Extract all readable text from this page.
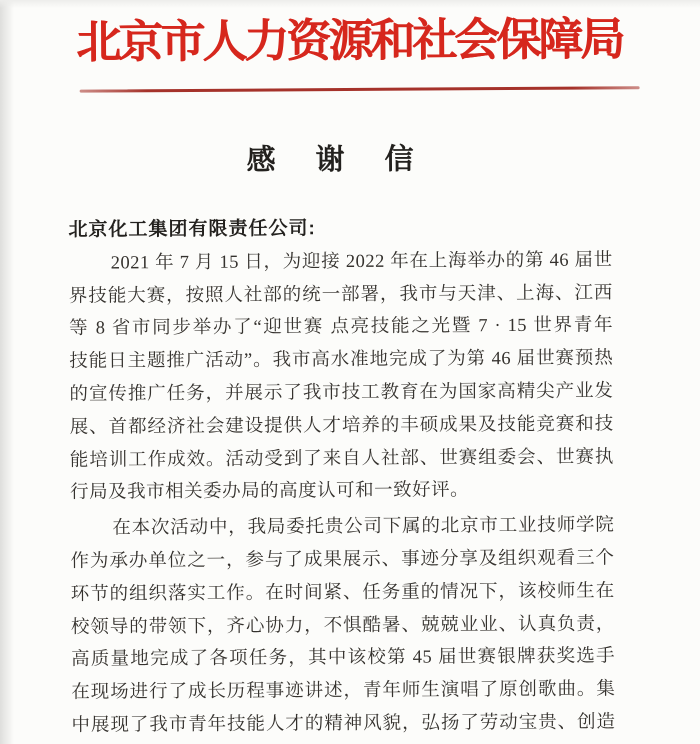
北京市人力资源和社会保障局
感谢信
北京化工集团有限责任公司:
2021 年 7 月 15 日，为迎接 2022 年在上海举办的第 46 届世
界技能大赛，按照人社部的统一部署，我市与天津、上海、江西
等 8 省市同步举办了“迎世赛 点亮技能之光暨 7 · 15 世界青年
技能日主题推广活动”。我市高水准地完成了为第 46 届世赛预热
的宣传推广任务，并展示了我市技工教育在为国家高精尖产业发
展、首都经济社会建设提供人才培养的丰硕成果及技能竞赛和技
能培训工作成效。活动受到了来自人社部、世赛组委会、世赛执
行局及我市相关委办局的高度认可和一致好评。
在本次活动中，我局委托贵公司下属的北京市工业技师学院
作为承办单位之一，参与了成果展示、事迹分享及组织观看三个
环节的组织落实工作。在时间紧、任务重的情况下，该校师生在
校领导的带领下，齐心协力，不惧酷暑、兢兢业业、认真负责，
高质量地完成了各项任务，其中该校第 45 届世赛银牌获奖选手
在现场进行了成长历程事迹讲述，青年师生演唱了原创歌曲。集
中展现了我市青年技能人才的精神风貌，弘扬了劳动宝贵、创造
